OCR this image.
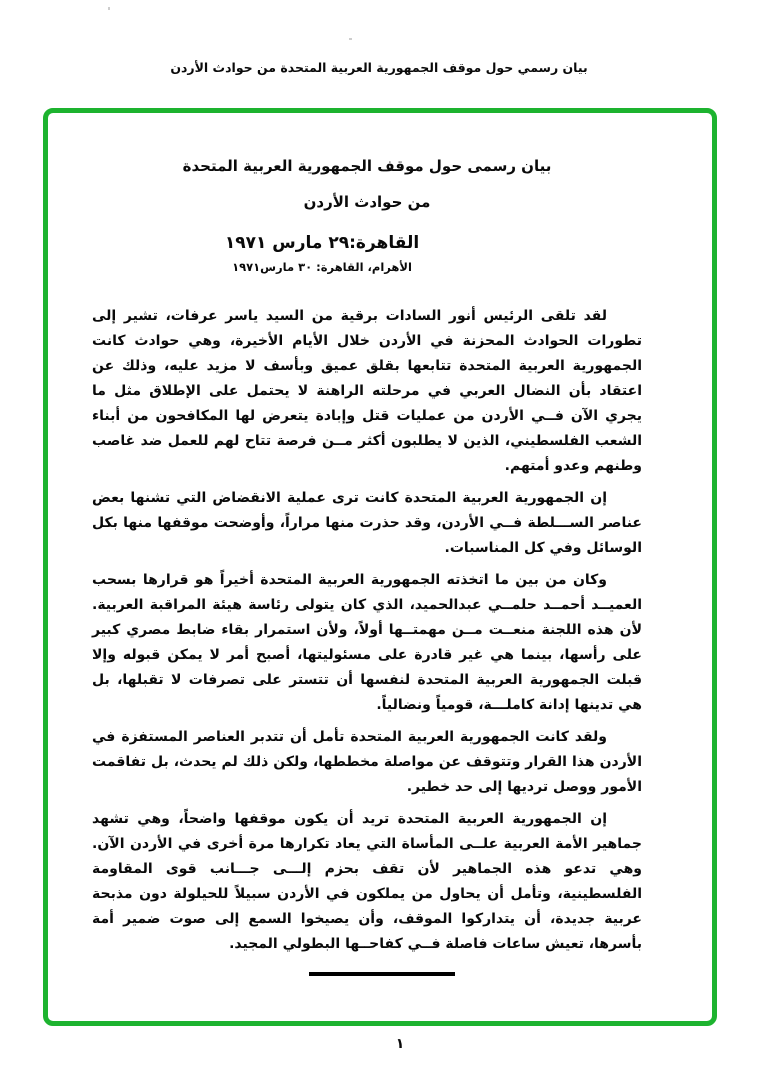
بيان رسمي حول موقف الجمهورية العربية المتحدة من حوادث الأردن
بيان رسمى حول موقف الجمهورية العربية المتحدة
من حوادث الأردن
القاهرة:٢٩ مارس ١٩٧١
الأهرام، القاهرة: ٣٠ مارس١٩٧١

لقد تلقى الرئيس أنور السادات برقية من السيد ياسر عرفات، تشير إلى تطورات الحوادث المحزنة في الأردن خلال الأيام الأخيرة، وهي حوادث كانت الجمهورية العربية المتحدة تتابعها بقلق عميق وبأسف لا مزيد عليه، وذلك عن اعتقاد بأن النضال العربي في مرحلته الراهنة لا يحتمل على الإطلاق مثل ما يجري الآن فــي الأردن من عمليات قتل وإبادة يتعرض لها المكافحون من أبناء الشعب الفلسطيني، الذين لا يطلبون أكثر مــن فرصة تتاح لهم للعمل ضد غاصب وطنهم وعدو أمتهم.

إن الجمهورية العربية المتحدة كانت ترى عملية الانقضاض التي تشنها بعض عناصر الســـلطة فــي الأردن، وقد حذرت منها مراراً، وأوضحت موقفها منها بكل الوسائل وفي كل المناسبات.

وكان من بين ما اتخذته الجمهورية العربية المتحدة أخيراً هو قرارها بسحب العميــد أحمــد حلمــي عبدالحميد، الذي كان يتولى رئاسة هيئة المراقبة العربية. لأن هذه اللجنة منعــت مــن مهمتــها أولاً، ولأن استمرار بقاء ضابط مصري كبير على رأسها، بينما هي غير قادرة على مسئوليتها، أصبح أمر لا يمكن قبوله وإلا قبلت الجمهورية العربية المتحدة لنفسها أن تتستر على تصرفات لا تقبلها، بل هي تدينها إدانة كاملـــة، قومياً ونضالياً.

ولقد كانت الجمهورية العربية المتحدة تأمل أن تتدبر العناصر المستفزة في الأردن هذا القرار وتتوقف عن مواصلة مخططها، ولكن ذلك لم يحدث، بل تفاقمت الأمور ووصل ترديها إلى حد خطير.

إن الجمهورية العربية المتحدة تريد أن يكون موقفها واضحاً، وهي تشهد جماهير الأمة العربية علــى المأساة التي يعاد تكرارها مرة أخرى في الأردن الآن. وهي تدعو هذه الجماهير لأن تقف بحزم إلـــى جـــانب قوى المقاومة الفلسطينية، وتأمل أن يحاول من يملكون في الأردن سبيلاً للحيلولة دون مذبحة عربية جديدة، أن يتداركوا الموقف، وأن يصيخوا السمع إلى صوت ضمير أمة بأسرها، تعيش ساعات فاصلة فــي كفاحــها البطولي المجيد.

١
